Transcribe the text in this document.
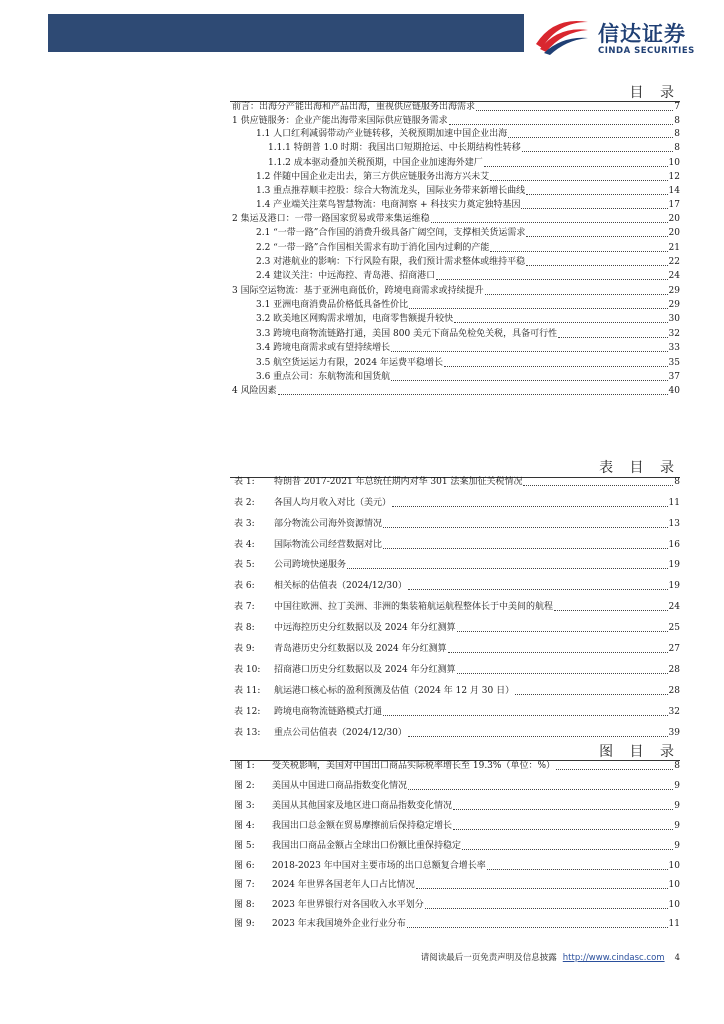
信达证券
CINDA SECURITIES
目 录
前言：出海分产能出海和产品出海，重视供应链服务出海需求	7
1 供应链服务：企业产能出海带来国际供应链服务需求	8
1.1 人口红利减弱带动产业链转移，关税预期加速中国企业出海	8
1.1.1 特朗普 1.0 时期：我国出口短期抢运、中长期结构性转移	8
1.1.2 成本驱动叠加关税预期，中国企业加速海外建厂	10
1.2 伴随中国企业走出去，第三方供应链服务出海方兴未艾	12
1.3 重点推荐顺丰控股：综合大物流龙头，国际业务带来新增长曲线	14
1.4 产业端关注菜鸟智慧物流：电商洞察 + 科技实力奠定独特基因	17
2 集运及港口：一带一路国家贸易或带来集运维稳	20
2.1 “一带一路”合作国的消费升级具备广阔空间，支撑相关货运需求	20
2.2 “一带一路”合作国相关需求有助于消化国内过剩的产能	21
2.3 对港航业的影响：下行风险有限，我们预计需求整体或维持平稳	22
2.4 建议关注：中远海控、青岛港、招商港口	24
3 国际空运物流：基于亚洲电商低价，跨境电商需求或持续提升	29
3.1 亚洲电商消费品价格低具备性价比	29
3.2 欧美地区网购需求增加，电商零售额提升较快	30
3.3 跨境电商物流链路打通，美国 800 美元下商品免检免关税，具备可行性	32
3.4 跨境电商需求或有望持续增长	33
3.5 航空货运运力有限，2024 年运费平稳增长	35
3.6 重点公司：东航物流和国货航	37
4 风险因素	40
表 目 录
表 1:	特朗普 2017-2021 年总统任期内对华 301 法案加征关税情况	8
表 2:	各国人均月收入对比（美元）	11
表 3:	部分物流公司海外资源情况	13
表 4:	国际物流公司经营数据对比	16
表 5:	公司跨境快递服务	19
表 6:	相关标的估值表（2024/12/30）	19
表 7:	中国往欧洲、拉丁美洲、非洲的集装箱航运航程整体长于中美间的航程	24
表 8:	中远海控历史分红数据以及 2024 年分红测算	25
表 9:	青岛港历史分红数据以及 2024 年分红测算	27
表 10:	招商港口历史分红数据以及 2024 年分红测算	28
表 11:	航运港口核心标的盈利预测及估值（2024 年 12 月 30 日）	28
表 12:	跨境电商物流链路模式打通	32
表 13:	重点公司估值表（2024/12/30）	39
图 目 录
图 1:	受关税影响，美国对中国出口商品实际税率增长至 19.3%（单位：%）	8
图 2:	美国从中国进口商品指数变化情况	9
图 3:	美国从其他国家及地区进口商品指数变化情况	9
图 4:	我国出口总金额在贸易摩擦前后保持稳定增长	9
图 5:	我国出口商品金额占全球出口份额比重保持稳定	9
图 6:	2018-2023 年中国对主要市场的出口总额复合增长率	10
图 7:	2024 年世界各国老年人口占比情况	10
图 8:	2023 年世界银行对各国收入水平划分	10
图 9:	2023 年末我国境外企业行业分布	11
请阅读最后一页免责声明及信息披露 http://www.cindasc.com 4
